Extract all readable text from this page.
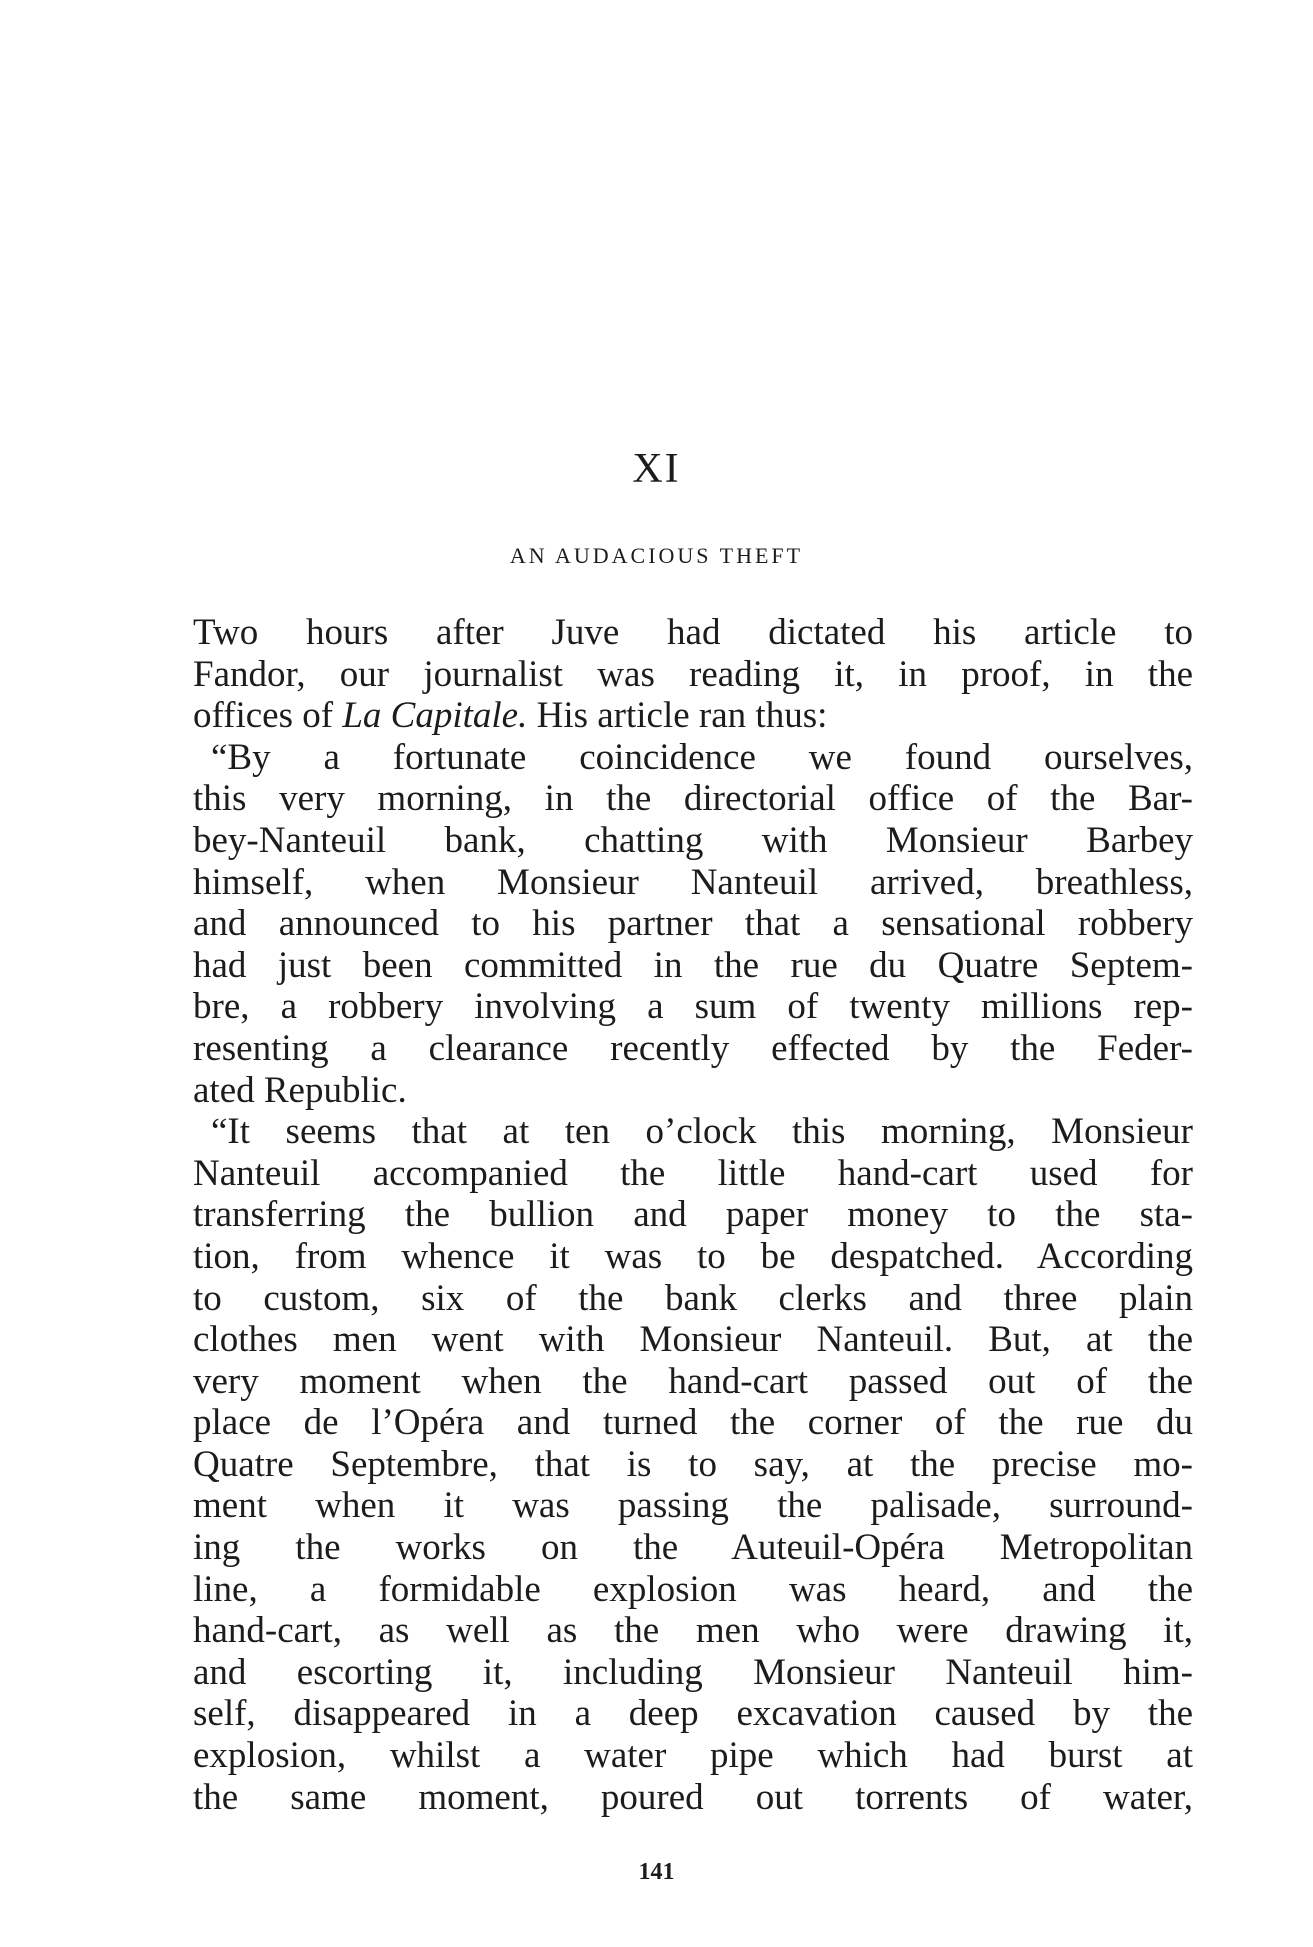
XI
AN AUDACIOUS THEFT
Two hours after Juve had dictated his article to
Fandor, our journalist was reading it, in proof, in the
offices of La Capitale. His article ran thus:
“By a fortunate coincidence we found ourselves,
this very morning, in the directorial office of the Bar-
bey-Nanteuil bank, chatting with Monsieur Barbey
himself, when Monsieur Nanteuil arrived, breathless,
and announced to his partner that a sensational robbery
had just been committed in the rue du Quatre Septem-
bre, a robbery involving a sum of twenty millions rep-
resenting a clearance recently effected by the Feder-
ated Republic.
“It seems that at ten o’clock this morning, Monsieur
Nanteuil accompanied the little hand-cart used for
transferring the bullion and paper money to the sta-
tion, from whence it was to be despatched. According
to custom, six of the bank clerks and three plain
clothes men went with Monsieur Nanteuil. But, at the
very moment when the hand-cart passed out of the
place de l’Opéra and turned the corner of the rue du
Quatre Septembre, that is to say, at the precise mo-
ment when it was passing the palisade, surround-
ing the works on the Auteuil-Opéra Metropolitan
line, a formidable explosion was heard, and the
hand-cart, as well as the men who were drawing it,
and escorting it, including Monsieur Nanteuil him-
self, disappeared in a deep excavation caused by the
explosion, whilst a water pipe which had burst at
the same moment, poured out torrents of water,
141
